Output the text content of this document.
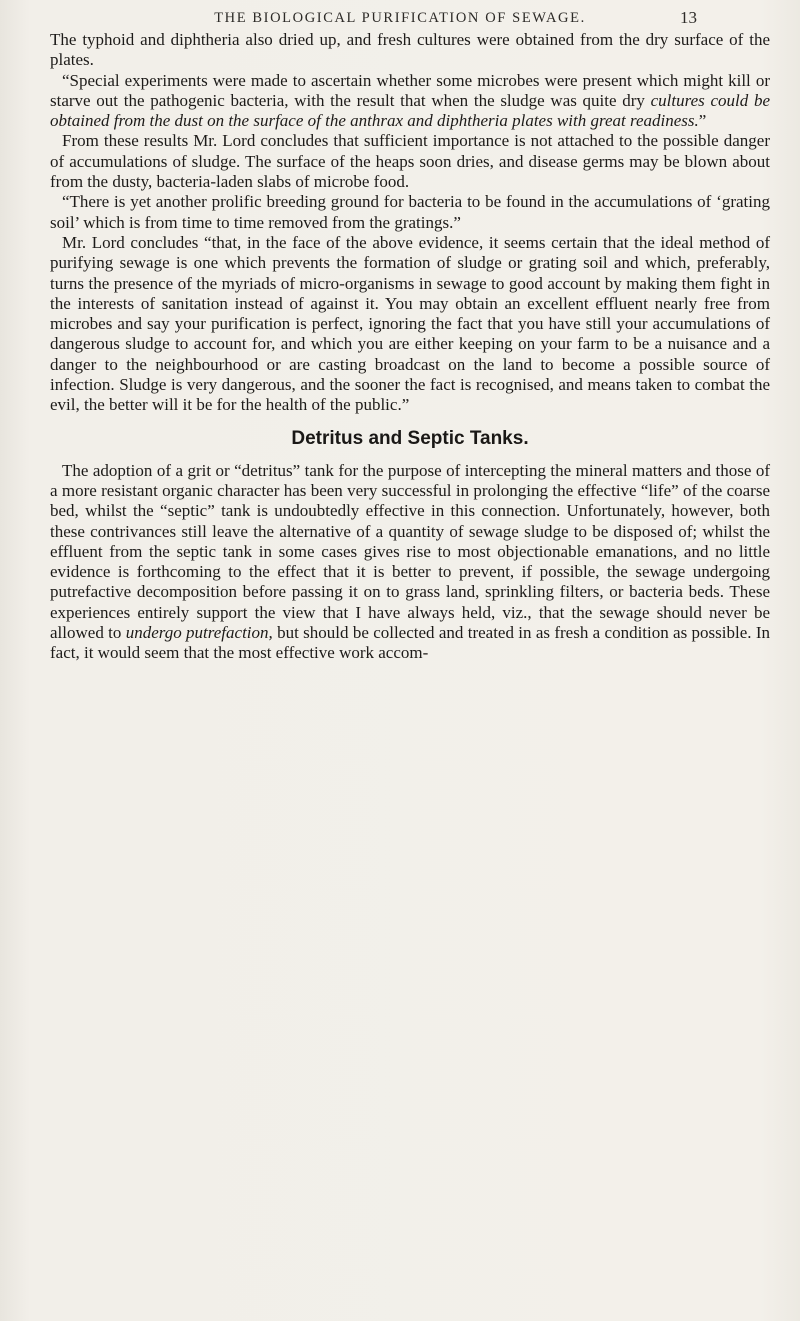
THE BIOLOGICAL PURIFICATION OF SEWAGE.	13

The typhoid and diphtheria also dried up, and fresh cultures were obtained from the dry surface of the plates.

“Special experiments were made to ascertain whether some microbes were present which might kill or starve out the pathogenic bacteria, with the result that when the sludge was quite dry cultures could be obtained from the dust on the surface of the anthrax and diphtheria plates with great readiness.”

From these results Mr. Lord concludes that sufficient importance is not attached to the possible danger of accumulations of sludge. The surface of the heaps soon dries, and disease germs may be blown about from the dusty, bacteria-laden slabs of microbe food.

“There is yet another prolific breeding ground for bacteria to be found in the accumulations of ‘grating soil’ which is from time to time removed from the gratings.”

Mr. Lord concludes “that, in the face of the above evidence, it seems certain that the ideal method of purifying sewage is one which prevents the formation of sludge or grating soil and which, preferably, turns the presence of the myriads of micro-organisms in sewage to good account by making them fight in the interests of sanitation instead of against it. You may obtain an excellent effluent nearly free from microbes and say your purification is perfect, ignoring the fact that you have still your accumulations of dangerous sludge to account for, and which you are either keeping on your farm to be a nuisance and a danger to the neighbourhood or are casting broadcast on the land to become a possible source of infection. Sludge is very dangerous, and the sooner the fact is recognised, and means taken to combat the evil, the better will it be for the health of the public.”

Detritus and Septic Tanks.

The adoption of a grit or “detritus” tank for the purpose of intercepting the mineral matters and those of a more resistant organic character has been very successful in prolonging the effective “life” of the coarse bed, whilst the “septic” tank is undoubtedly effective in this connection. Unfortunately, however, both these contrivances still leave the alternative of a quantity of sewage sludge to be disposed of; whilst the effluent from the septic tank in some cases gives rise to most objectionable emanations, and no little evidence is forthcoming to the effect that it is better to prevent, if possible, the sewage undergoing putrefactive decomposition before passing it on to grass land, sprinkling filters, or bacteria beds. These experiences entirely support the view that I have always held, viz., that the sewage should never be allowed to undergo putrefaction, but should be collected and treated in as fresh a condition as possible. In fact, it would seem that the most effective work accom-
